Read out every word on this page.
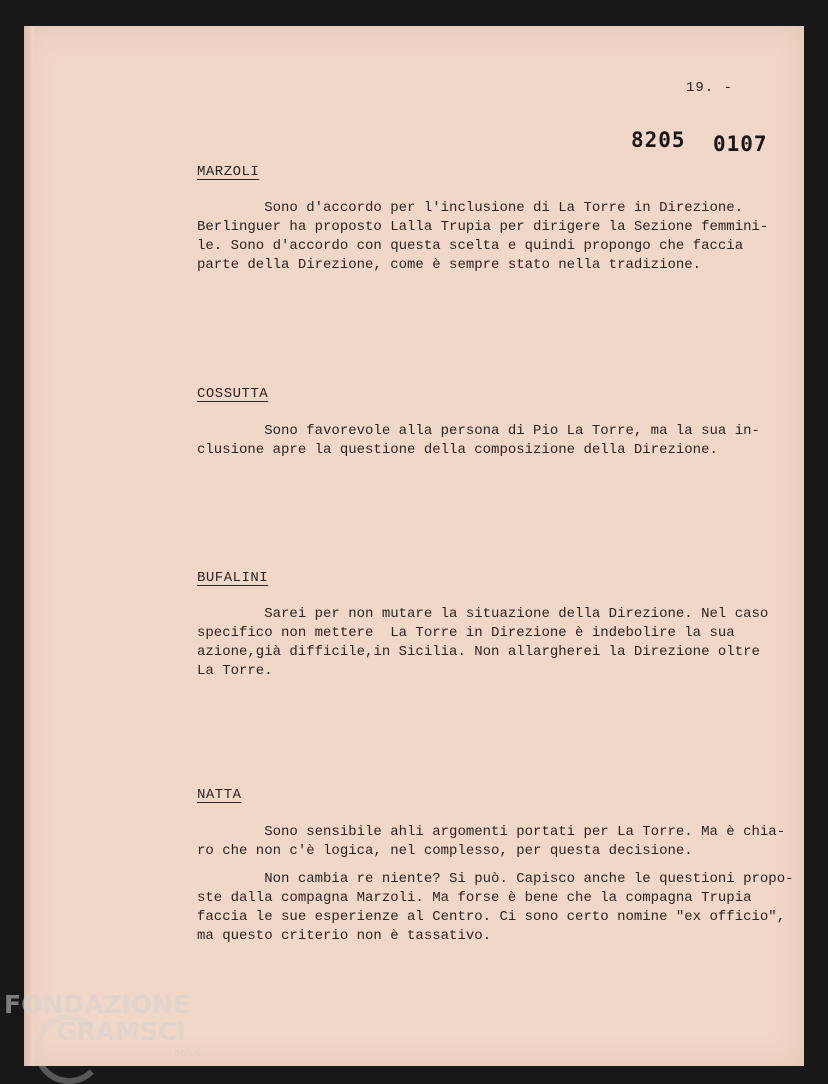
19. -
8205 0107
MARZOLI

Sono d'accordo per l'inclusione di La Torre in Direzione.
Berlinguer ha proposto Lalla Trupia per dirigere la Sezione femmini-
le. Sono d'accordo con questa scelta e quindi propongo che faccia
parte della Direzione, come è sempre stato nella tradizione.

COSSUTTA

Sono favorevole alla persona di Pio La Torre, ma la sua in-
clusione apre la questione della composizione della Direzione.

BUFALINI

Sarei per non mutare la situazione della Direzione. Nel caso
specifico non mettere  La Torre in Direzione è indebolire la sua
azione,già difficile,in Sicilia. Non allargherei la Direzione oltre
La Torre.

NATTA

Sono sensibile ahli argomenti portati per La Torre. Ma è
ro che non c'è logica, nel complesso, per questa decisione.

Non cambia re niente? Si può. Capisco anche le questioni
ste dalla compagna Marzoli. Ma forse è bene che la compagna Trupia
faccia le sue esperienze al Centro. Ci sono certo nomine "ex officio",
ma questo criterio non è tassativo.

FONDAZIONE
GRAMSCI
onlus
